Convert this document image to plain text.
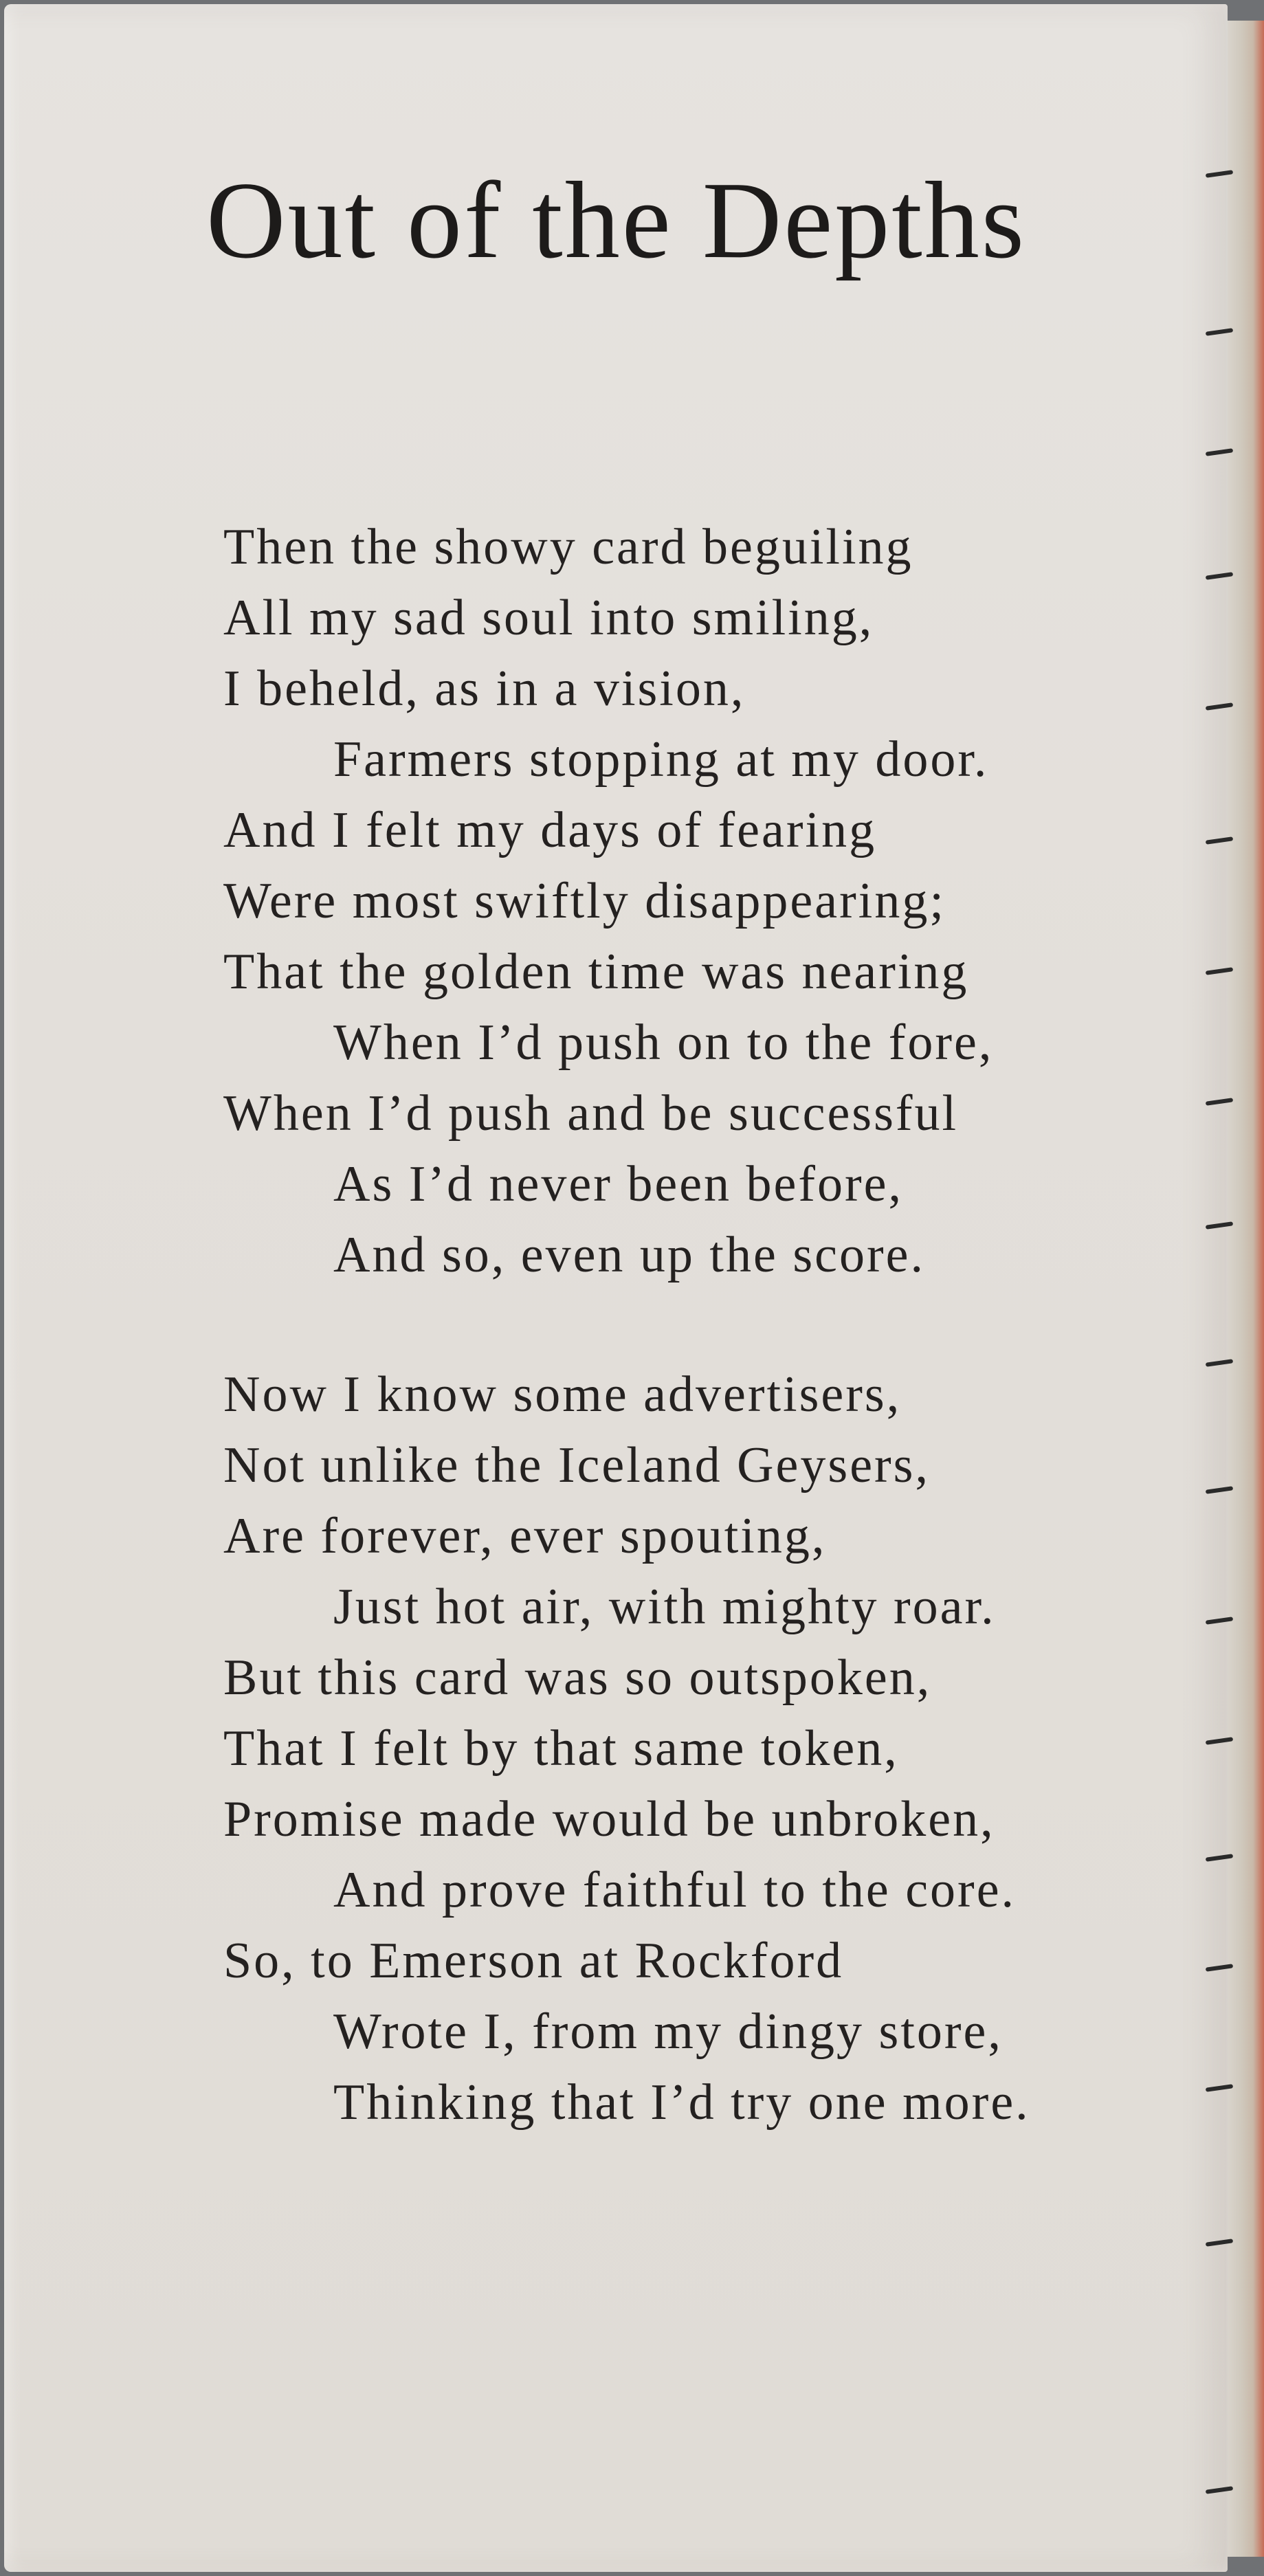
Out of the Depths
Then the showy card beguiling
All my sad soul into smiling,
I beheld, as in a vision,
Farmers stopping at my door.
And I felt my days of fearing
Were most swiftly disappearing;
That the golden time was nearing
When I’d push on to the fore,
When I’d push and be successful
As I’d never been before,
And so, even up the score.
Now I know some advertisers,
Not unlike the Iceland Geysers,
Are forever, ever spouting,
Just hot air, with mighty roar.
But this card was so outspoken,
That I felt by that same token,
Promise made would be unbroken,
And prove faithful to the core.
So, to Emerson at Rockford
Wrote I, from my dingy store,
Thinking that I’d try one more.
